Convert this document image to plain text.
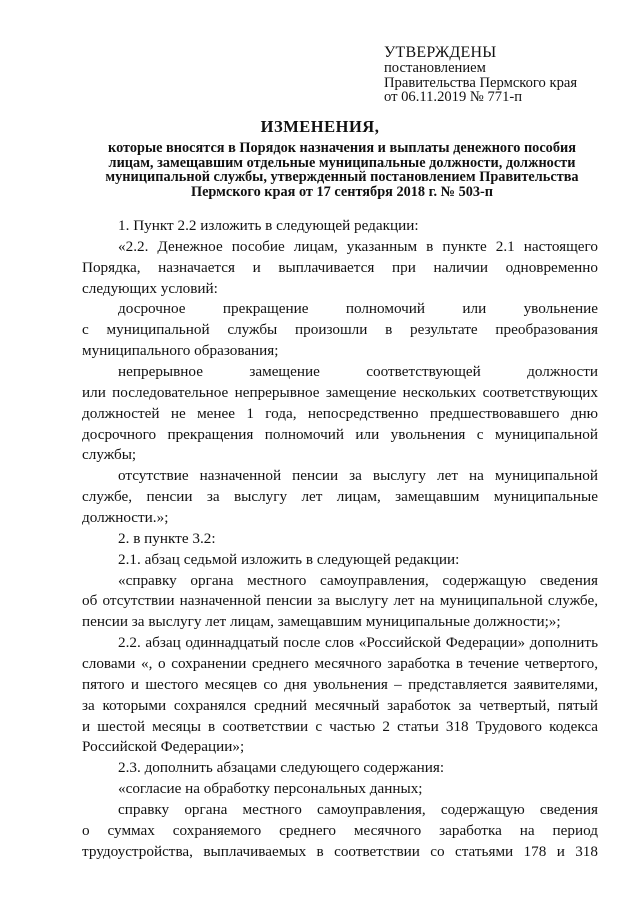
УТВЕРЖДЕНЫ
постановлением
Правительства Пермского края
от 06.11.2019 № 771-п
ИЗМЕНЕНИЯ,
которые вносятся в Порядок назначения и выплаты денежного пособия
лицам, замещавшим отдельные муниципальные должности, должности
муниципальной службы, утвержденный постановлением Правительства
Пермского края от 17 сентября 2018 г. № 503-п
1. Пункт 2.2 изложить в следующей редакции:
«2.2. Денежное пособие лицам, указанным в пункте 2.1 настоящего
Порядка, назначается и выплачивается при наличии одновременно
следующих условий:
досрочное прекращение полномочий или увольнение
с муниципальной службы произошли в результате преобразования
муниципального образования;
непрерывное замещение соответствующей должности
или последовательное непрерывное замещение нескольких соответствующих
должностей не менее 1 года, непосредственно предшествовавшего дню
досрочного прекращения полномочий или увольнения с муниципальной
службы;
отсутствие назначенной пенсии за выслугу лет на муниципальной
службе, пенсии за выслугу лет лицам, замещавшим муниципальные
должности.»;
2. в пункте 3.2:
2.1. абзац седьмой изложить в следующей редакции:
«справку органа местного самоуправления, содержащую сведения
об отсутствии назначенной пенсии за выслугу лет на муниципальной службе,
пенсии за выслугу лет лицам, замещавшим муниципальные должности;»;
2.2. абзац одиннадцатый после слов «Российской Федерации» дополнить
словами «, о сохранении среднего месячного заработка в течение четвертого,
пятого и шестого месяцев со дня увольнения – представляется заявителями,
за которыми сохранялся средний месячный заработок за четвертый, пятый
и шестой месяцы в соответствии с частью 2 статьи 318 Трудового кодекса
Российской Федерации»;
2.3. дополнить абзацами следующего содержания:
«согласие на обработку персональных данных;
справку органа местного самоуправления, содержащую сведения
о суммах сохраняемого среднего месячного заработка на период
трудоустройства, выплачиваемых в соответствии со статьями 178 и 318
